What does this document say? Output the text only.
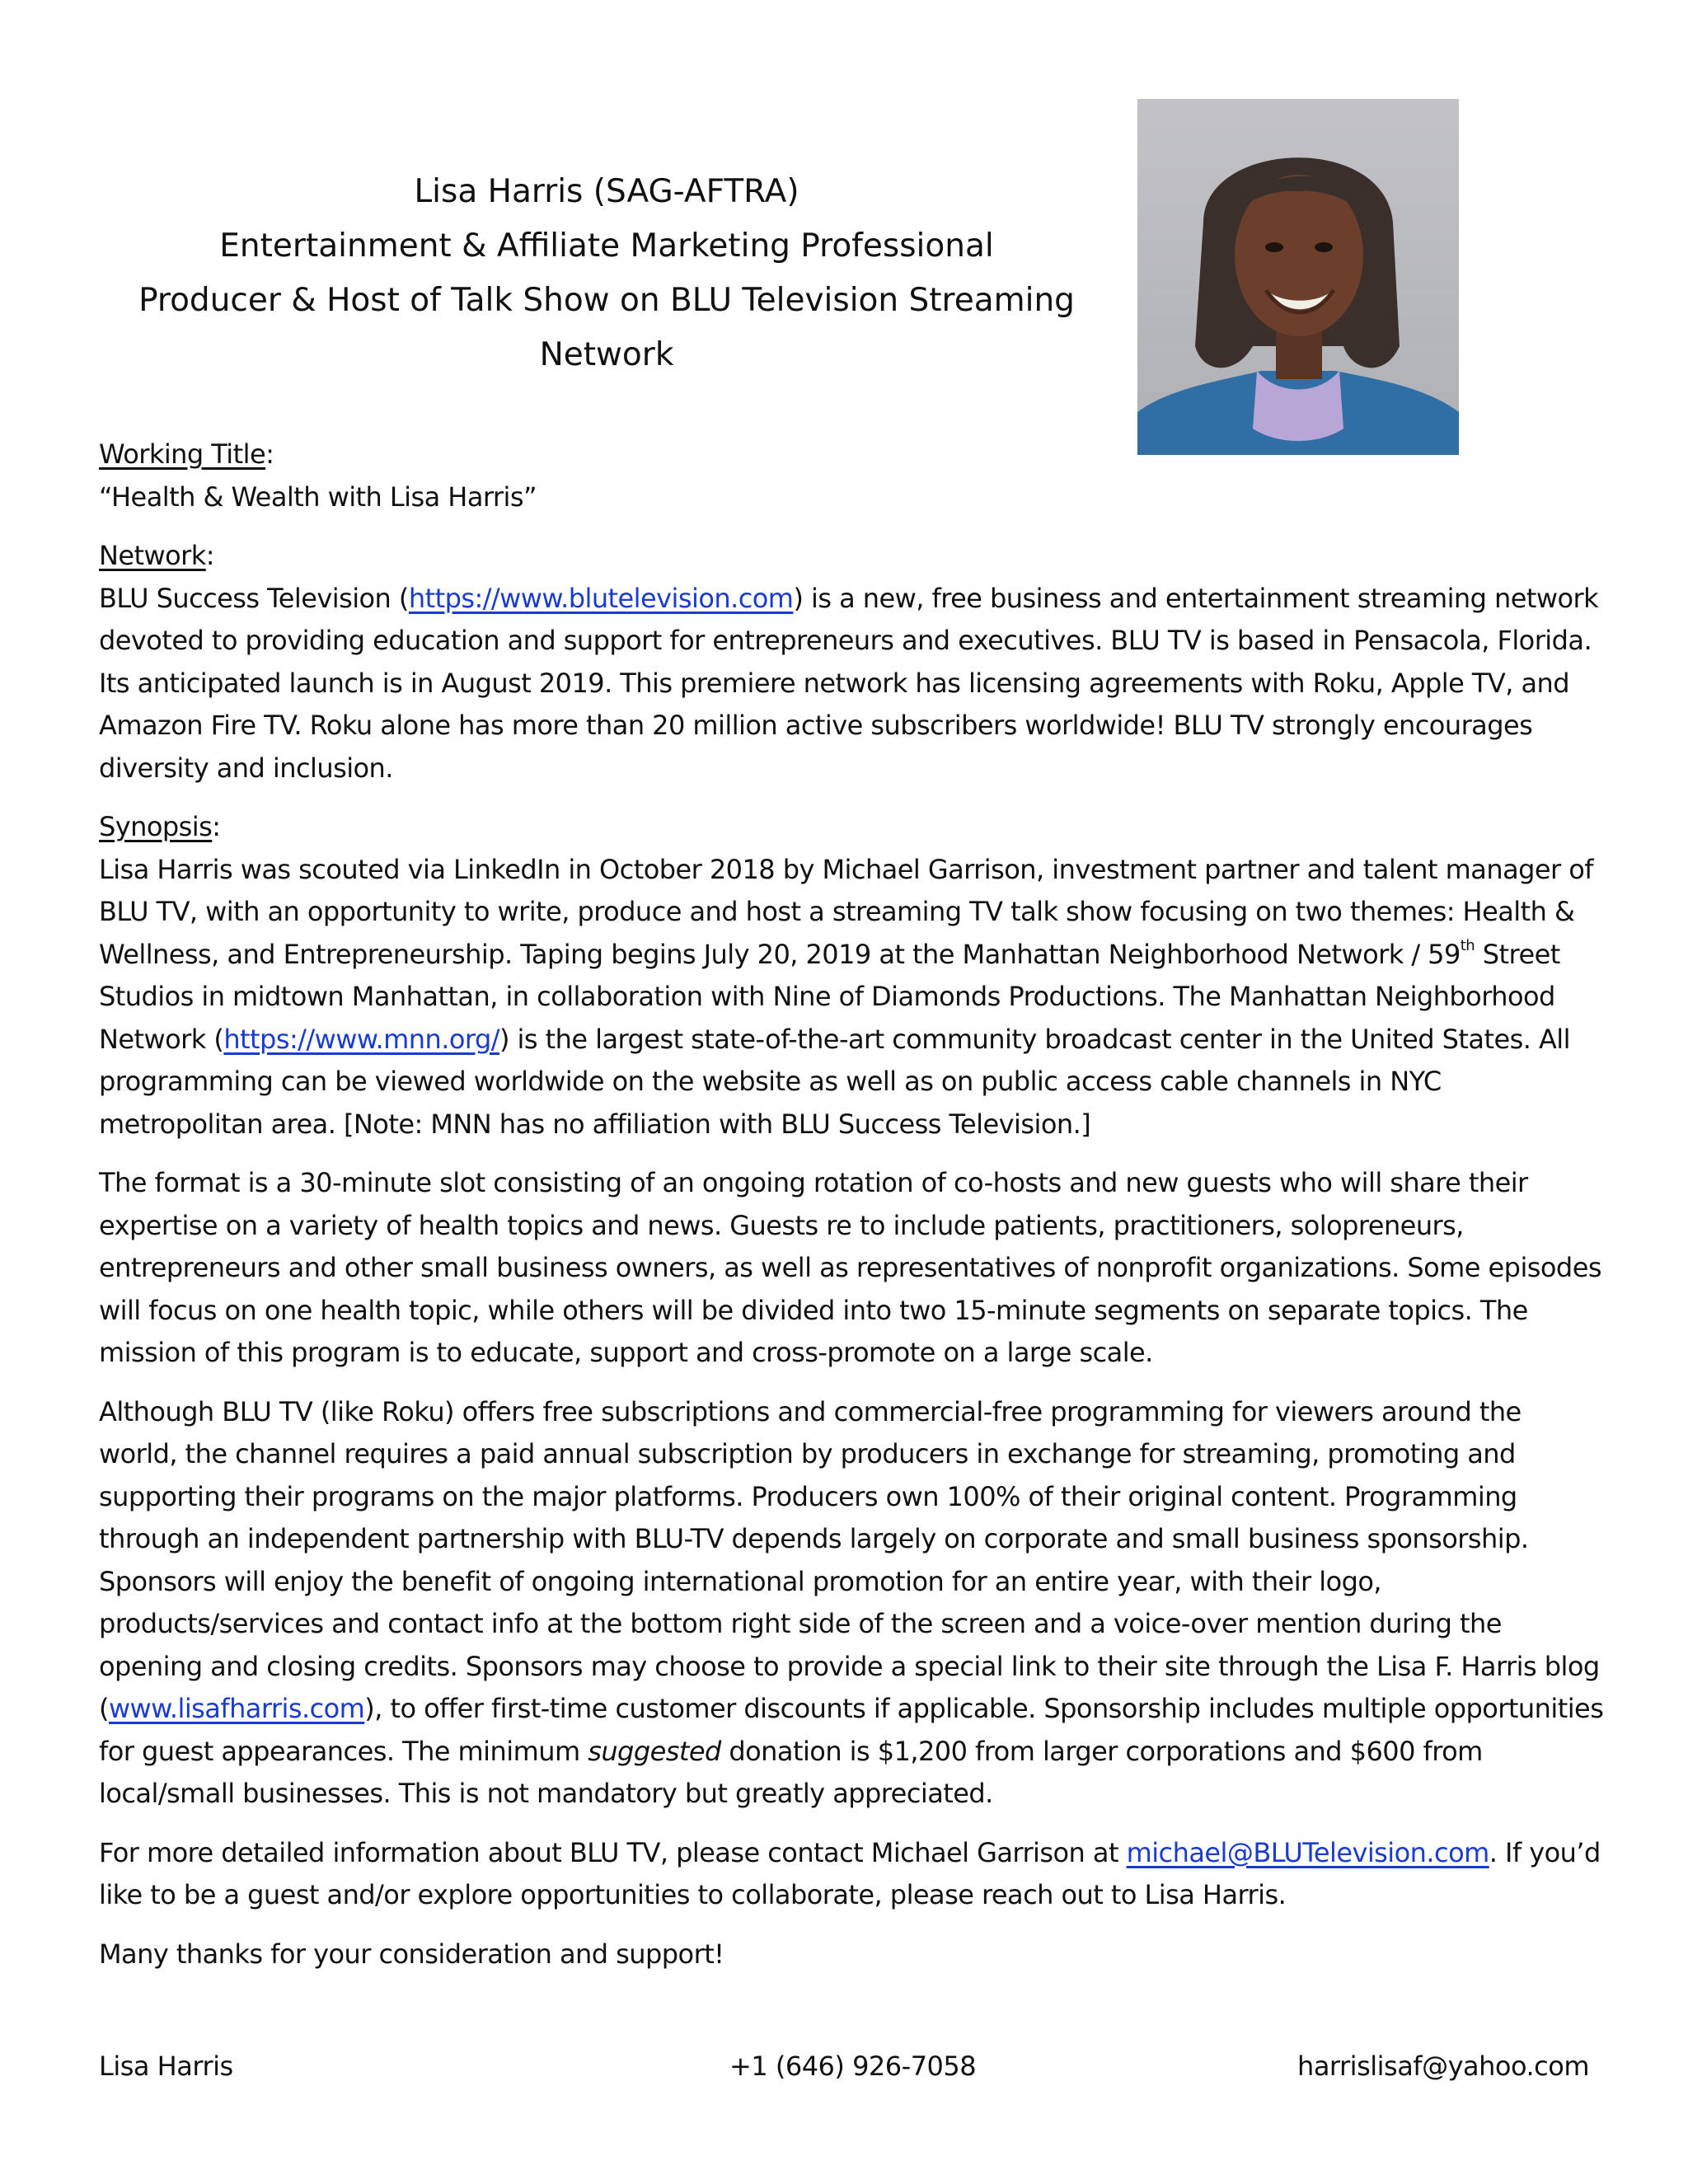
Lisa Harris (SAG-AFTRA)
Entertainment & Affiliate Marketing Professional
Producer & Host of Talk Show on BLU Television Streaming
Network
Working Title:

“Health & Wealth with Lisa Harris”

Network:

BLU Success Television (https://www.blutelevision.com) is a new, free business and entertainment streaming network devoted to providing education and support for entrepreneurs and executives. BLU TV is based in Pensacola, Florida. Its anticipated launch is in August 2019. This premiere network has licensing agreements with Roku, Apple TV, and Amazon Fire TV. Roku alone has more than 20 million active subscribers worldwide! BLU TV strongly encourages diversity and inclusion.

Synopsis:

Lisa Harris was scouted via LinkedIn in October 2018 by Michael Garrison, investment partner and talent manager of BLU TV, with an opportunity to write, produce and host a streaming TV talk show focusing on two themes: Health & Wellness, and Entrepreneurship. Taping begins July 20, 2019 at the Manhattan Neighborhood Network / 59th Street Studios in midtown Manhattan, in collaboration with Nine of Diamonds Productions. The Manhattan Neighborhood Network (https://www.mnn.org/) is the largest state-of-the-art community broadcast center in the United States. All programming can be viewed worldwide on the website as well as on public access cable channels in NYC metropolitan area. [Note: MNN has no affiliation with BLU Success Television.]

The format is a 30-minute slot consisting of an ongoing rotation of co-hosts and new guests who will share their expertise on a variety of health topics and news. Guests re to include patients, practitioners, solopreneurs, entrepreneurs and other small business owners, as well as representatives of nonprofit organizations. Some episodes will focus on one health topic, while others will be divided into two 15-minute segments on separate topics. The mission of this program is to educate, support and cross-promote on a large scale.

Although BLU TV (like Roku) offers free subscriptions and commercial-free programming for viewers around the world, the channel requires a paid annual subscription by producers in exchange for streaming, promoting and supporting their programs on the major platforms. Producers own 100% of their original content. Programming through an independent partnership with BLU-TV depends largely on corporate and small business sponsorship. Sponsors will enjoy the benefit of ongoing international promotion for an entire year, with their logo, products/services and contact info at the bottom right side of the screen and a voice-over mention during the opening and closing credits. Sponsors may choose to provide a special link to their site through the Lisa F. Harris blog (www.lisafharris.com), to offer first-time customer discounts if applicable. Sponsorship includes multiple opportunities for guest appearances. The minimum suggested donation is $1,200 from larger corporations and $600 from local/small businesses. This is not mandatory but greatly appreciated.

For more detailed information about BLU TV, please contact Michael Garrison at michael@BLUTelevision.com. If you’d like to be a guest and/or explore opportunities to collaborate, please reach out to Lisa Harris.

Many thanks for your consideration and support!

Lisa Harris	+1 (646) 926-7058	harrislisaf@yahoo.com
